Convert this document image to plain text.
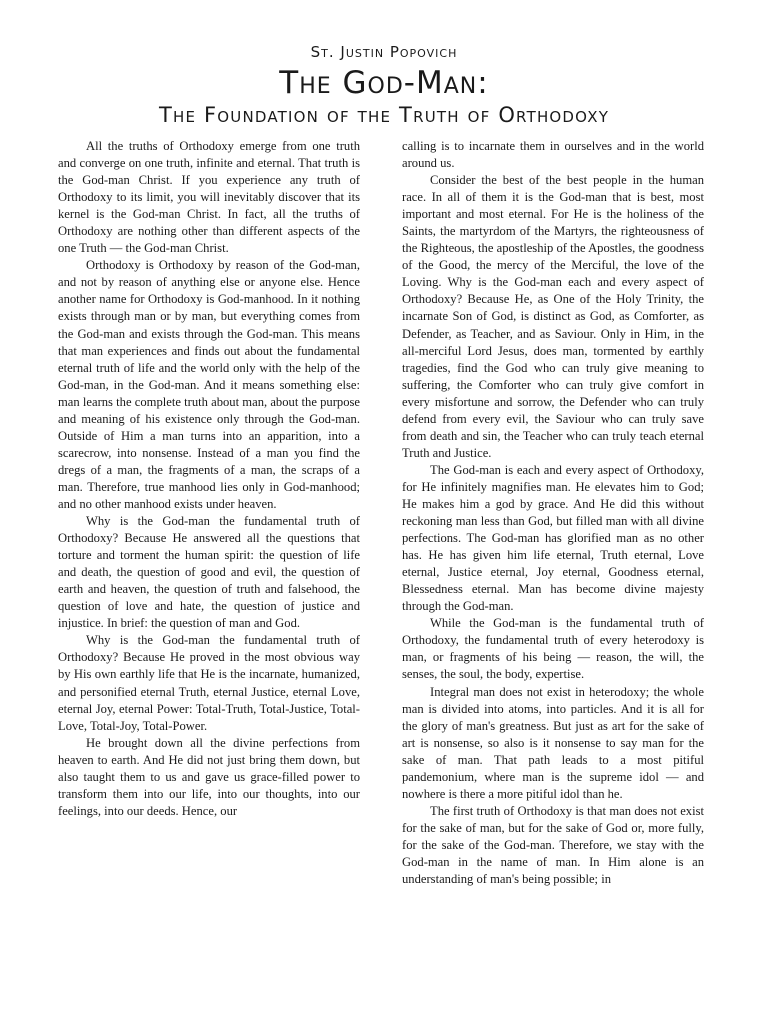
St. Justin Popovich
The God-Man:
The Foundation of the Truth of Orthodoxy

All the truths of Orthodoxy emerge from one truth and converge on one truth, infinite and eternal. That truth is the God-man Christ. If you experience any truth of Orthodoxy to its limit, you will inevitably discover that its kernel is the God-man Christ. In fact, all the truths of Orthodoxy are nothing other than different aspects of the one Truth — the God-man Christ.

Orthodoxy is Orthodoxy by reason of the God-man, and not by reason of anything else or anyone else. Hence another name for Orthodoxy is God-manhood. In it nothing exists through man or by man, but everything comes from the God-man and exists through the God-man. This means that man experiences and finds out about the fundamental eternal truth of life and the world only with the help of the God-man, in the God-man. And it means something else: man learns the complete truth about man, about the purpose and meaning of his existence only through the God-man. Outside of Him a man turns into an apparition, into a scarecrow, into nonsense. Instead of a man you find the dregs of a man, the fragments of a man, the scraps of a man. Therefore, true manhood lies only in God-manhood; and no other manhood exists under heaven.

Why is the God-man the fundamental truth of Orthodoxy? Because He answered all the questions that torture and torment the human spirit: the question of life and death, the question of good and evil, the question of earth and heaven, the question of truth and falsehood, the question of love and hate, the question of justice and injustice. In brief: the question of man and God.

Why is the God-man the fundamental truth of Orthodoxy? Because He proved in the most obvious way by His own earthly life that He is the incarnate, humanized, and personified eternal Truth, eternal Justice, eternal Love, eternal Joy, eternal Power: Total-Truth, Total-Justice, Total-Love, Total-Joy, Total-Power.

He brought down all the divine perfections from heaven to earth. And He did not just bring them down, but also taught them to us and gave us grace-filled power to transform them into our life, into our thoughts, into our feelings, into our deeds. Hence, our

calling is to incarnate them in ourselves and in the world around us.

Consider the best of the best people in the human race. In all of them it is the God-man that is best, most important and most eternal. For He is the holiness of the Saints, the martyrdom of the Martyrs, the righteousness of the Righteous, the apostleship of the Apostles, the goodness of the Good, the mercy of the Merciful, the love of the Loving. Why is the God-man each and every aspect of Orthodoxy? Because He, as One of the Holy Trinity, the incarnate Son of God, is distinct as God, as Comforter, as Defender, as Teacher, and as Saviour. Only in Him, in the all-merciful Lord Jesus, does man, tormented by earthly tragedies, find the God who can truly give meaning to suffering, the Comforter who can truly give comfort in every misfortune and sorrow, the Defender who can truly defend from every evil, the Saviour who can truly save from death and sin, the Teacher who can truly teach eternal Truth and Justice.

The God-man is each and every aspect of Orthodoxy, for He infinitely magnifies man. He elevates him to God; He makes him a god by grace. And He did this without reckoning man less than God, but filled man with all divine perfections. The God-man has glorified man as no other has. He has given him life eternal, Truth eternal, Love eternal, Justice eternal, Joy eternal, Goodness eternal, Blessedness eternal. Man has become divine majesty through the God-man.

While the God-man is the fundamental truth of Orthodoxy, the fundamental truth of every heterodoxy is man, or fragments of his being — reason, the will, the senses, the soul, the body, expertise.

Integral man does not exist in heterodoxy; the whole man is divided into atoms, into particles. And it is all for the glory of man's greatness. But just as art for the sake of art is nonsense, so also is it nonsense to say man for the sake of man. That path leads to a most pitiful pandemonium, where man is the supreme idol — and nowhere is there a more pitiful idol than he.

The first truth of Orthodoxy is that man does not exist for the sake of man, but for the sake of God or, more fully, for the sake of the God-man. Therefore, we stay with the God-man in the name of man. In Him alone is an understanding of man's being possible; in
